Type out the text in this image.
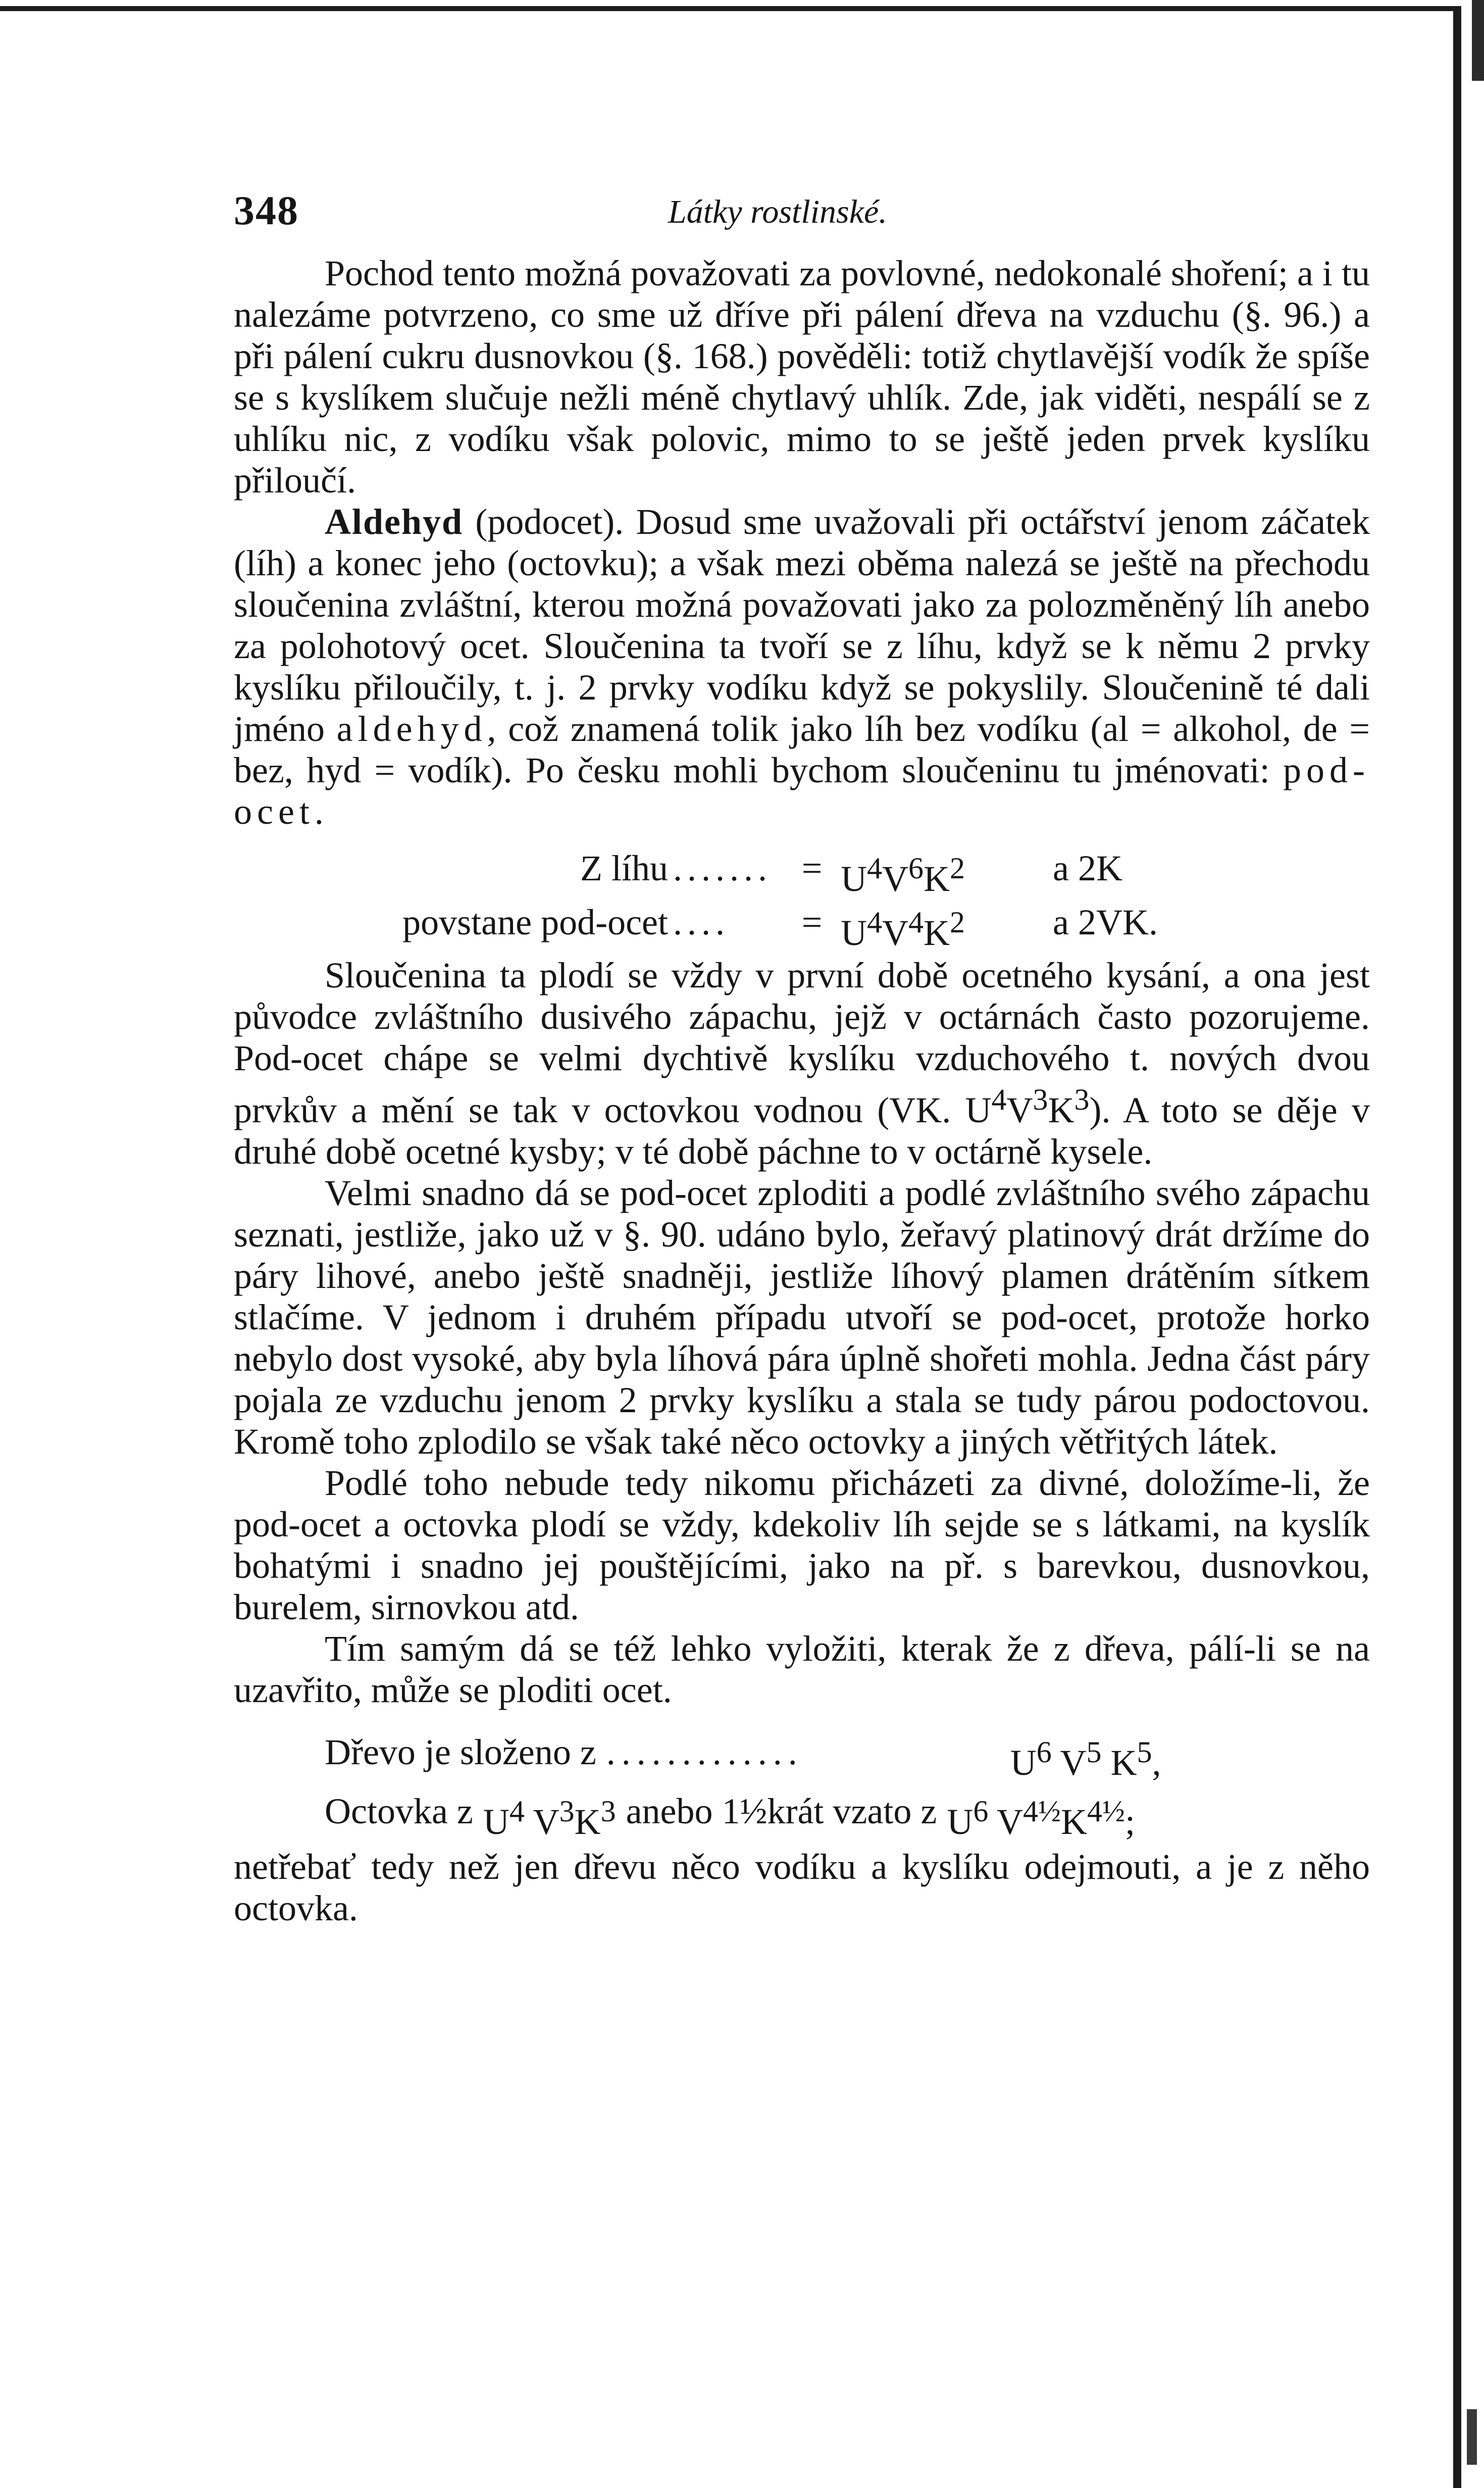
348	Látky rostlinské.

Pochod tento možná považovati za povlovné, nedokonalé shoření; a i tu nalezáme potvrzeno, co sme už dříve při pálení dřeva na vzduchu (§. 96.) a při pálení cukru dusnovkou (§. 168.) pověděli: totiž chytlavější vodík že spíše se s kyslíkem slučuje nežli méně chytlavý uhlík. Zde, jak viděti, nespálí se z uhlíku nic, z vodíku však polovic, mimo to se ještě jeden prvek kyslíku přiloučí.

Aldehyd (podocet). Dosud sme uvažovali při octářství jenom záčatek (líh) a konec jeho (octovku); a však mezi oběma nalezá se ještě na přechodu sloučenina zvláštní, kterou možná považovati jako za polozměněný líh anebo za polohotový ocet. Sloučenina ta tvoří se z líhu, když se k němu 2 prvky kyslíku přiloučily, t. j. 2 prvky vodíku když se pokyslily. Sloučenině té dali jméno aldehyd, což znamená tolik jako líh bez vodíku (al = alkohol, de = bez, hyd = vodík). Po česku mohli bychom sloučeninu tu jménovati: pod-ocet.

Z líhu ....... = $U^4V^6K^2$	a 2K
povstane pod-ocet ....	= $U^4V^4K^2$	a 2VK.

Sloučenina ta plodí se vždy v první době ocetného kysání, a ona jest původce zvláštního dusivého zápachu, jejž v octárnách často pozorujeme. Pod-ocet chápe se velmi dychtivě kyslíku vzduchového t. nových dvou prvkův a mění se tak v octovkou vodnou (VK. $U^4V^3K^3$). A toto se děje v druhé době ocetné kysby; v té době páchne to v octárně kysele.

Velmi snadno dá se pod-ocet zploditi a podlé zvláštního svého zápachu seznati, jestliže, jako už v §. 90. udáno bylo, žeřavý platinový drát držíme do páry lihové, anebo ještě snadněji, jestliže líhový plamen drátěním sítkem stlačíme. V jednom i druhém případu utvoří se pod-ocet, protože horko nebylo dost vysoké, aby byla líhová pára úplně shořeti mohla. Jedna část páry pojala ze vzduchu jenom 2 prvky kyslíku a stala se tudy párou podoctovou. Kromě toho zplodilo se však také něco octovky a jiných větřitých látek.

Podlé toho nebude tedy nikomu přicházeti za divné, doložíme-li, že pod-ocet a octovka plodí se vždy, kdekoliv líh sejde se s látkami, na kyslík bohatými i snadno jej pouštějícími, jako na př. s barevkou, dusnovkou, burelem, sirnovkou atd.

Tím samým dá se též lehko vyložiti, kterak že z dřeva, pálí-li se na uzavřito, může se ploditi ocet.

Dřevo je složeno z .............	$U^6$ $V^5$ $K^5$,
Octovka z $U^4$ $V^3K^3$ anebo 1½krát vzato z $U^6$ $V^{4\frac{1}{2}}K^{4\frac{1}{2}}$;

netřebať tedy než jen dřevu něco vodíku a kyslíku odejmouti, a je z něho octovka.
